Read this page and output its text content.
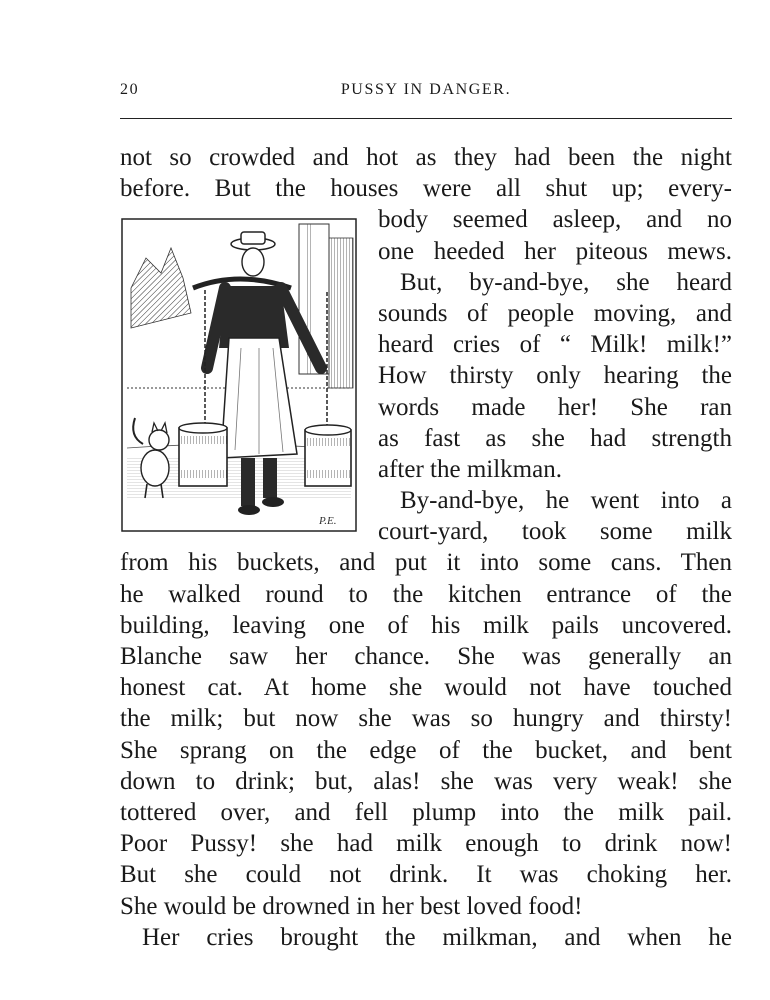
20	PUSSY IN DANGER.
P.E.
not so crowded and hot as they had been the night
before. But the houses were all shut up; every-
body seemed asleep, and no
one heeded her piteous mews.
But, by-and-bye, she heard
sounds of people moving, and
heard cries of “ Milk! milk!”
How thirsty only hearing the
words made her! She ran
as fast as she had strength
after the milkman.
By-and-bye, he went into a
court-yard, took some milk
from his buckets, and put it into some cans. Then
he walked round to the kitchen entrance of the
building, leaving one of his milk pails uncovered.
Blanche saw her chance. She was generally an
honest cat. At home she would not have touched
the milk; but now she was so hungry and thirsty!
She sprang on the edge of the bucket, and bent
down to drink; but, alas! she was very weak! she
tottered over, and fell plump into the milk pail.
Poor Pussy! she had milk enough to drink now!
But she could not drink. It was choking her.
She would be drowned in her best loved food!
Her cries brought the milkman, and when he
